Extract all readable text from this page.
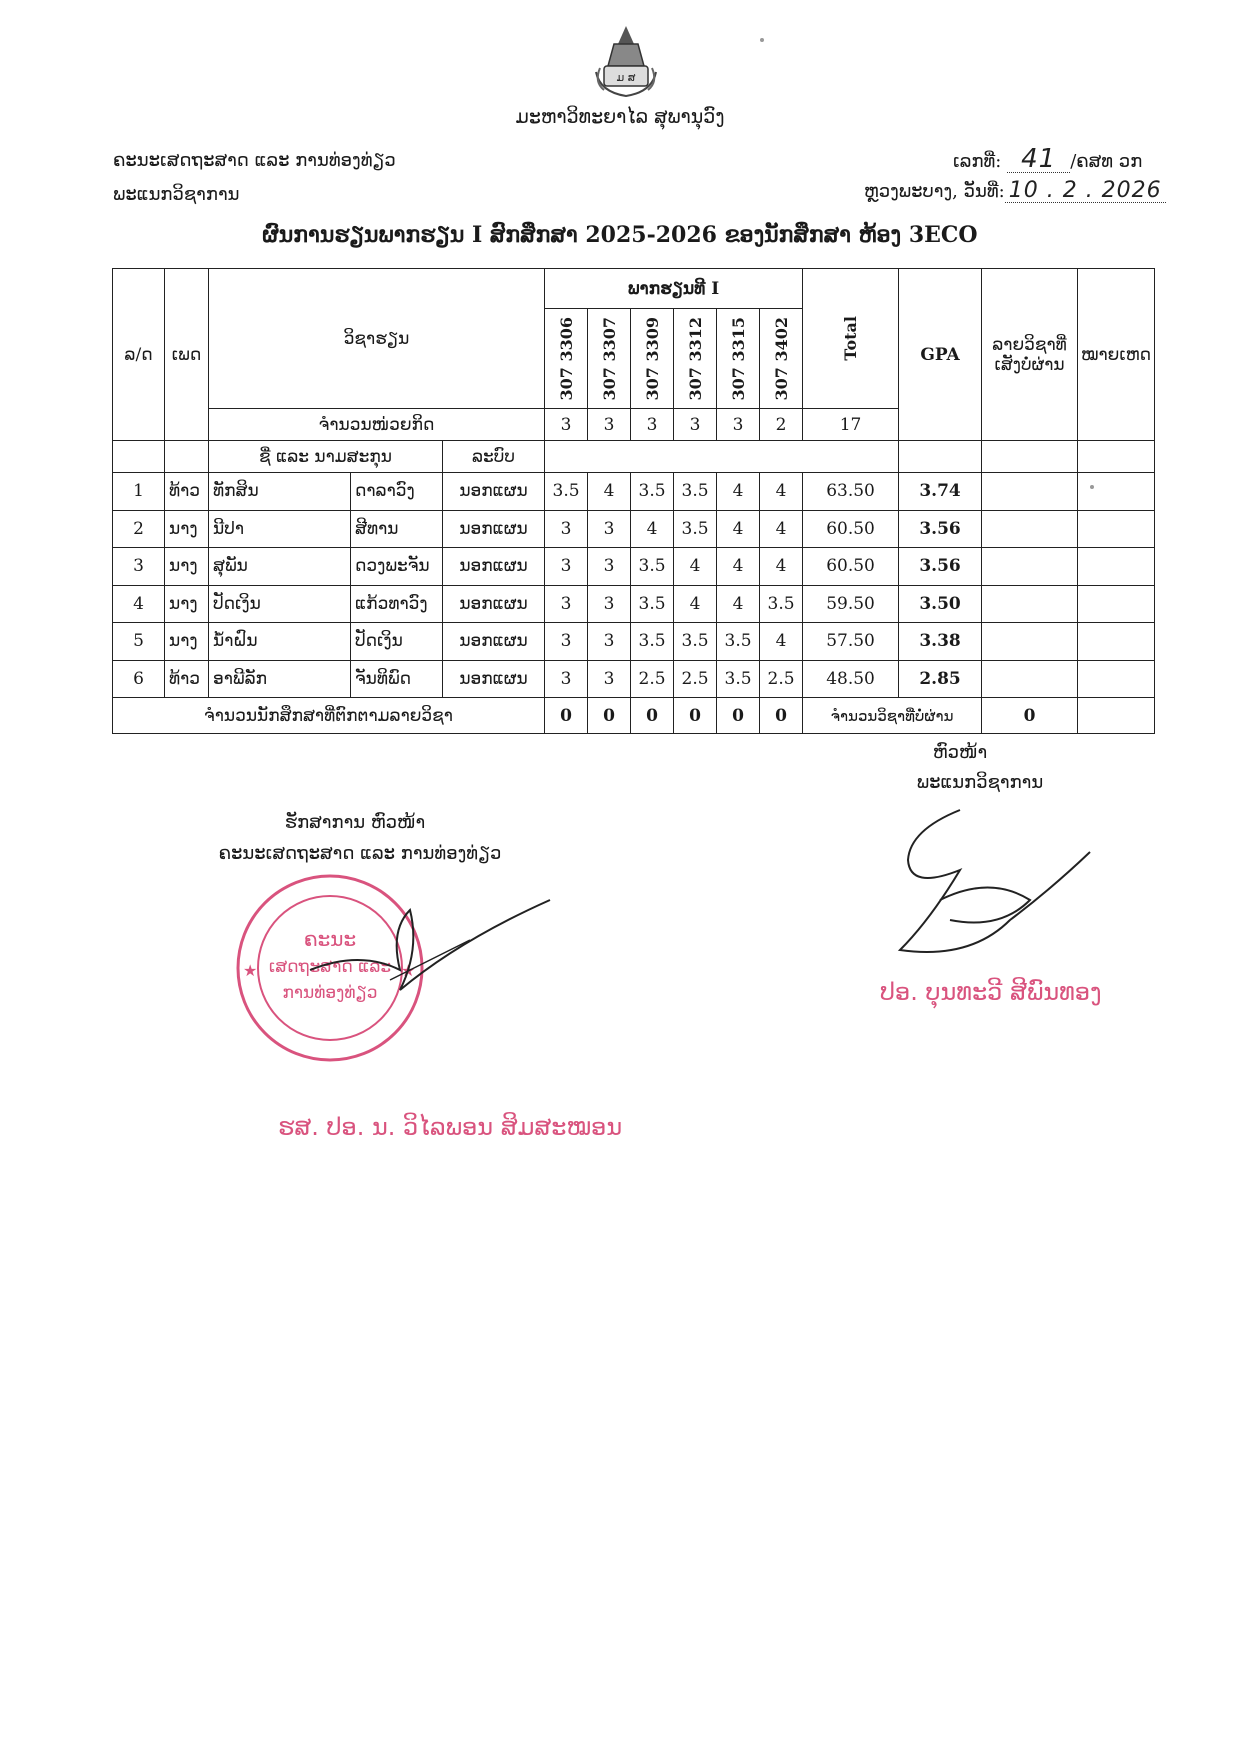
ມ ສ
ມະຫາວິທະຍາໄລ ສຸພານຸວົງ
ຄະນະເສດຖະສາດ ແລະ ການທ່ອງທ່ຽວ
ພະແນກວິຊາການ
ເລກທີ່: 41 /ຄສທ ວກ
ຫຼວງພະບາງ, ວັນທີ່: 10 . 2 . 2026
ຜົນການຮຽນພາກຮຽນ I ສົກສຶກສາ 2025-2026 ຂອງນັກສຶກສາ ຫ້ອງ 3ECO
ລ/ດ	ເພດ	ວິຊາຮຽນ			ພາກຮຽນທີ I						Total	GPA	ລາຍວິຊາທີ່ເສັງບໍ່ຜ່ານ	ໝາຍເຫດ

					307 3306	307 3307	307 3309	307 3312	307 3315	307 3402				

		ຈຳນວນໜ່ວຍກິດ			3	3	3	3	3	2	17			
		ຊື່ ແລະ ນາມສະກຸນ		ລະບົບ										
1	ທ້າວ	ທັກສິນ	ດາລາວົງ	ນອກແຜນ	3.5	4	3.5	3.5	4	4	63.50	3.74		
2	ນາງ	ນີປາ	ສີທານ	ນອກແຜນ	3	3	4	3.5	4	4	60.50	3.56		
3	ນາງ	ສຸພັນ	ດວງພະຈັນ	ນອກແຜນ	3	3	3.5	4	4	4	60.50	3.56		
4	ນາງ	ປັດເງິນ	ແກ້ວທາວົງ	ນອກແຜນ	3	3	3.5	4	4	3.5	59.50	3.50		
5	ນາງ	ນ້ຳຝົນ	ປັດເງິນ	ນອກແຜນ	3	3	3.5	3.5	3.5	4	57.50	3.38		
6	ທ້າວ	ອາພີລັກ	ຈັນທິພົດ	ນອກແຜນ	3	3	2.5	2.5	3.5	2.5	48.50	2.85		
ຈຳນວນນັກສຶກສາທີ່ຕົກຕາມລາຍວິຊາ					0	0	0	0	0	0	ຈຳນວນວິຊາທີ່ບໍ່ຜ່ານ		0	
ຫົວໜ້າ
ພະແນກວິຊາການ
ປອ. ບຸນທະວີ ສີພົນທອງ
ຮັກສາການ ຫົວໜ້າ
ຄະນະເສດຖະສາດ ແລະ ການທ່ອງທ່ຽວ
★	★
ຄະນະ
ເສດຖະສາດ ແລະ
ການທ່ອງທ່ຽວ
ຮສ. ປອ. ນ. ວິໄລພອນ ສິມສະໝອນ
